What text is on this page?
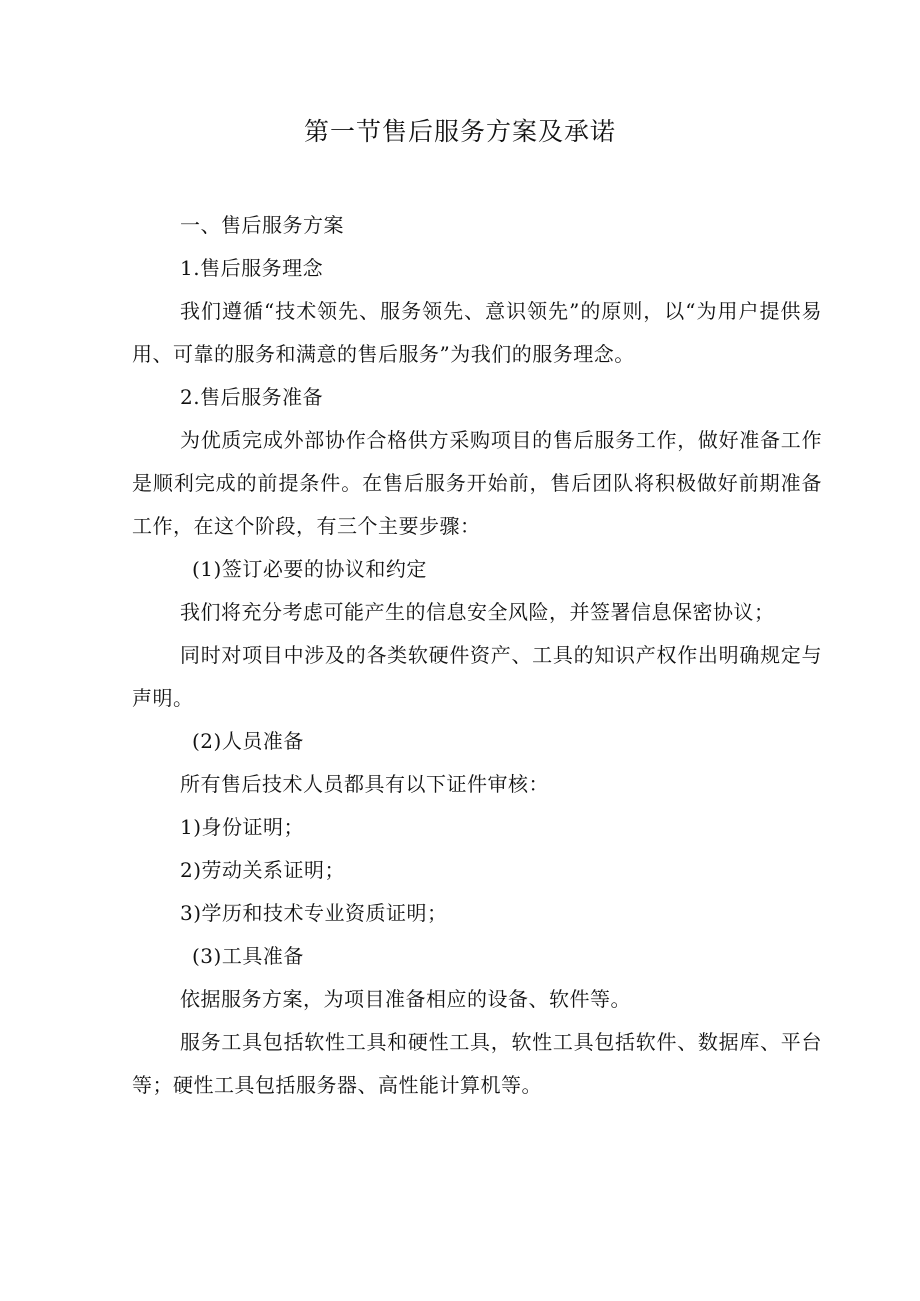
第一节售后服务方案及承诺

一、售后服务方案

1.售后服务理念

我们遵循“技术领先、服务领先、意识领先”的原则，以“为用户提供易用、可靠的服务和满意的售后服务”为我们的服务理念。

2.售后服务准备

为优质完成外部协作合格供方采购项目的售后服务工作，做好准备工作是顺利完成的前提条件。在售后服务开始前，售后团队将积极做好前期准备工作，在这个阶段，有三个主要步骤：

(1)签订必要的协议和约定

我们将充分考虑可能产生的信息安全风险，并签署信息保密协议；

同时对项目中涉及的各类软硬件资产、工具的知识产权作出明确规定与声明。

(2)人员准备

所有售后技术人员都具有以下证件审核：

1)身份证明；

2)劳动关系证明；

3)学历和技术专业资质证明；

(3)工具准备

依据服务方案，为项目准备相应的设备、软件等。

服务工具包括软性工具和硬性工具，软性工具包括软件、数据库、平台等；硬性工具包括服务器、高性能计算机等。
